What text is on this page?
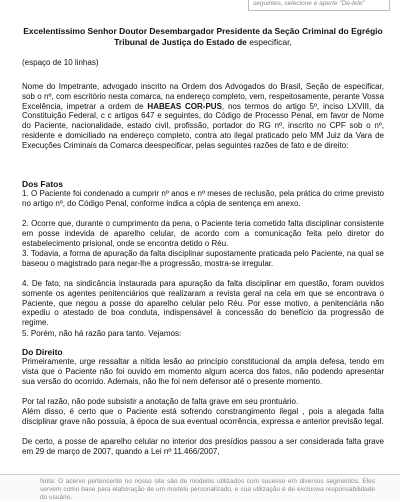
seguintes, selecione e aperte "De-lete"
Excelentíssimo Senhor Doutor Desembargador Presidente da Seção Criminal do Egrégio Tribunal de Justiça do Estado de especificar,
(espaço de 10 linhas)
Nome do Impetrante, advogado inscrito na Ordem dos Advogados do Brasil, Seção de especificar, sob o nº, com escritório nesta comarca, na endereço completo, vem, respeitosamente, perante Vossa Excelência, impetrar a ordem de HABEAS COR-PUS, nos termos do artigo 5º, inciso LXVIII, da Constituição Federal, c c artigos 647 e seguintes, do Código de Processo Penal, em favor de Nome do Paciente, nacionalidade, estado civil, profissão, portador do RG nº, inscrito no CPF sob o nº, residente e domiciliado na endereço completo, contra ato ilegal praticado pelo MM Juiz da Vara de Execuções Criminais da Comarca deespecificar, pelas seguintes razões de fato e de direito:
Dos Fatos
1. O Paciente foi condenado a cumprir nº anos e nº meses de reclusão, pela prática do crime previsto no artigo nº, do Código Penal, conforme indica a cópia de sentença em anexo.
2. Ocorre que, durante o cumprimento da pena, o Paciente teria cometido falta disciplinar consistente em posse indevida de aparelho celular, de acordo com a comunicação feita pelo diretor do estabelecimento prisional, onde se encontra detido o Réu.
3. Todavia, a forma de apuração da falta disciplinar supostamente praticada pelo Paciente, na qual se baseou o magistrado para negar-lhe a progressão, mostra-se irregular.
4. De fato, na sindicância instaurada para apuração da falta disciplinar em questão, foram ouvidos somente os agentes penitenciários que realizaram a revista geral na cela em que se encontrava o Paciente, que negou a posse do aparelho celular pelo Réu. Por esse motivo, a penitenciária não expediu o atestado de boa conduta, indispensável à concessão do benefício da progressão de regime.
5. Porém, não há razão para tanto. Vejamos:
Do Direito
Primeiramente, urge ressaltar a nítida lesão ao princípio constitucional da ampla defesa, tendo em vista que o Paciente não foi ouvido em momento algum acerca dos fatos, não podendo apresentar sua versão do ocorrido. Ademais, não lhe foi nem defensor até o presente momento.
Por tal razão, não pode subsistir a anotação de falta grave em seu prontuário.
Além disso, é certo que o Paciente está sofrendo constrangimento ilegal , pois a alegada falta disciplinar grave não possuía, à época de sua eventual ocorrência, expressa e anterior previsão legal.
De certo, a posse de aparelho celular no interior dos presídios passou a ser considerada falta grave em 29 de março de 2007, quando a Lei nº 11.466/2007,
Nota: O acervo pertencente no nosso site são de modelos utilizados com sucesso em diversos segmentos. Eles servem como base para elaboração de um modelo personalizado, e sua utilização é de exclusiva responsabilidade do usuário.
